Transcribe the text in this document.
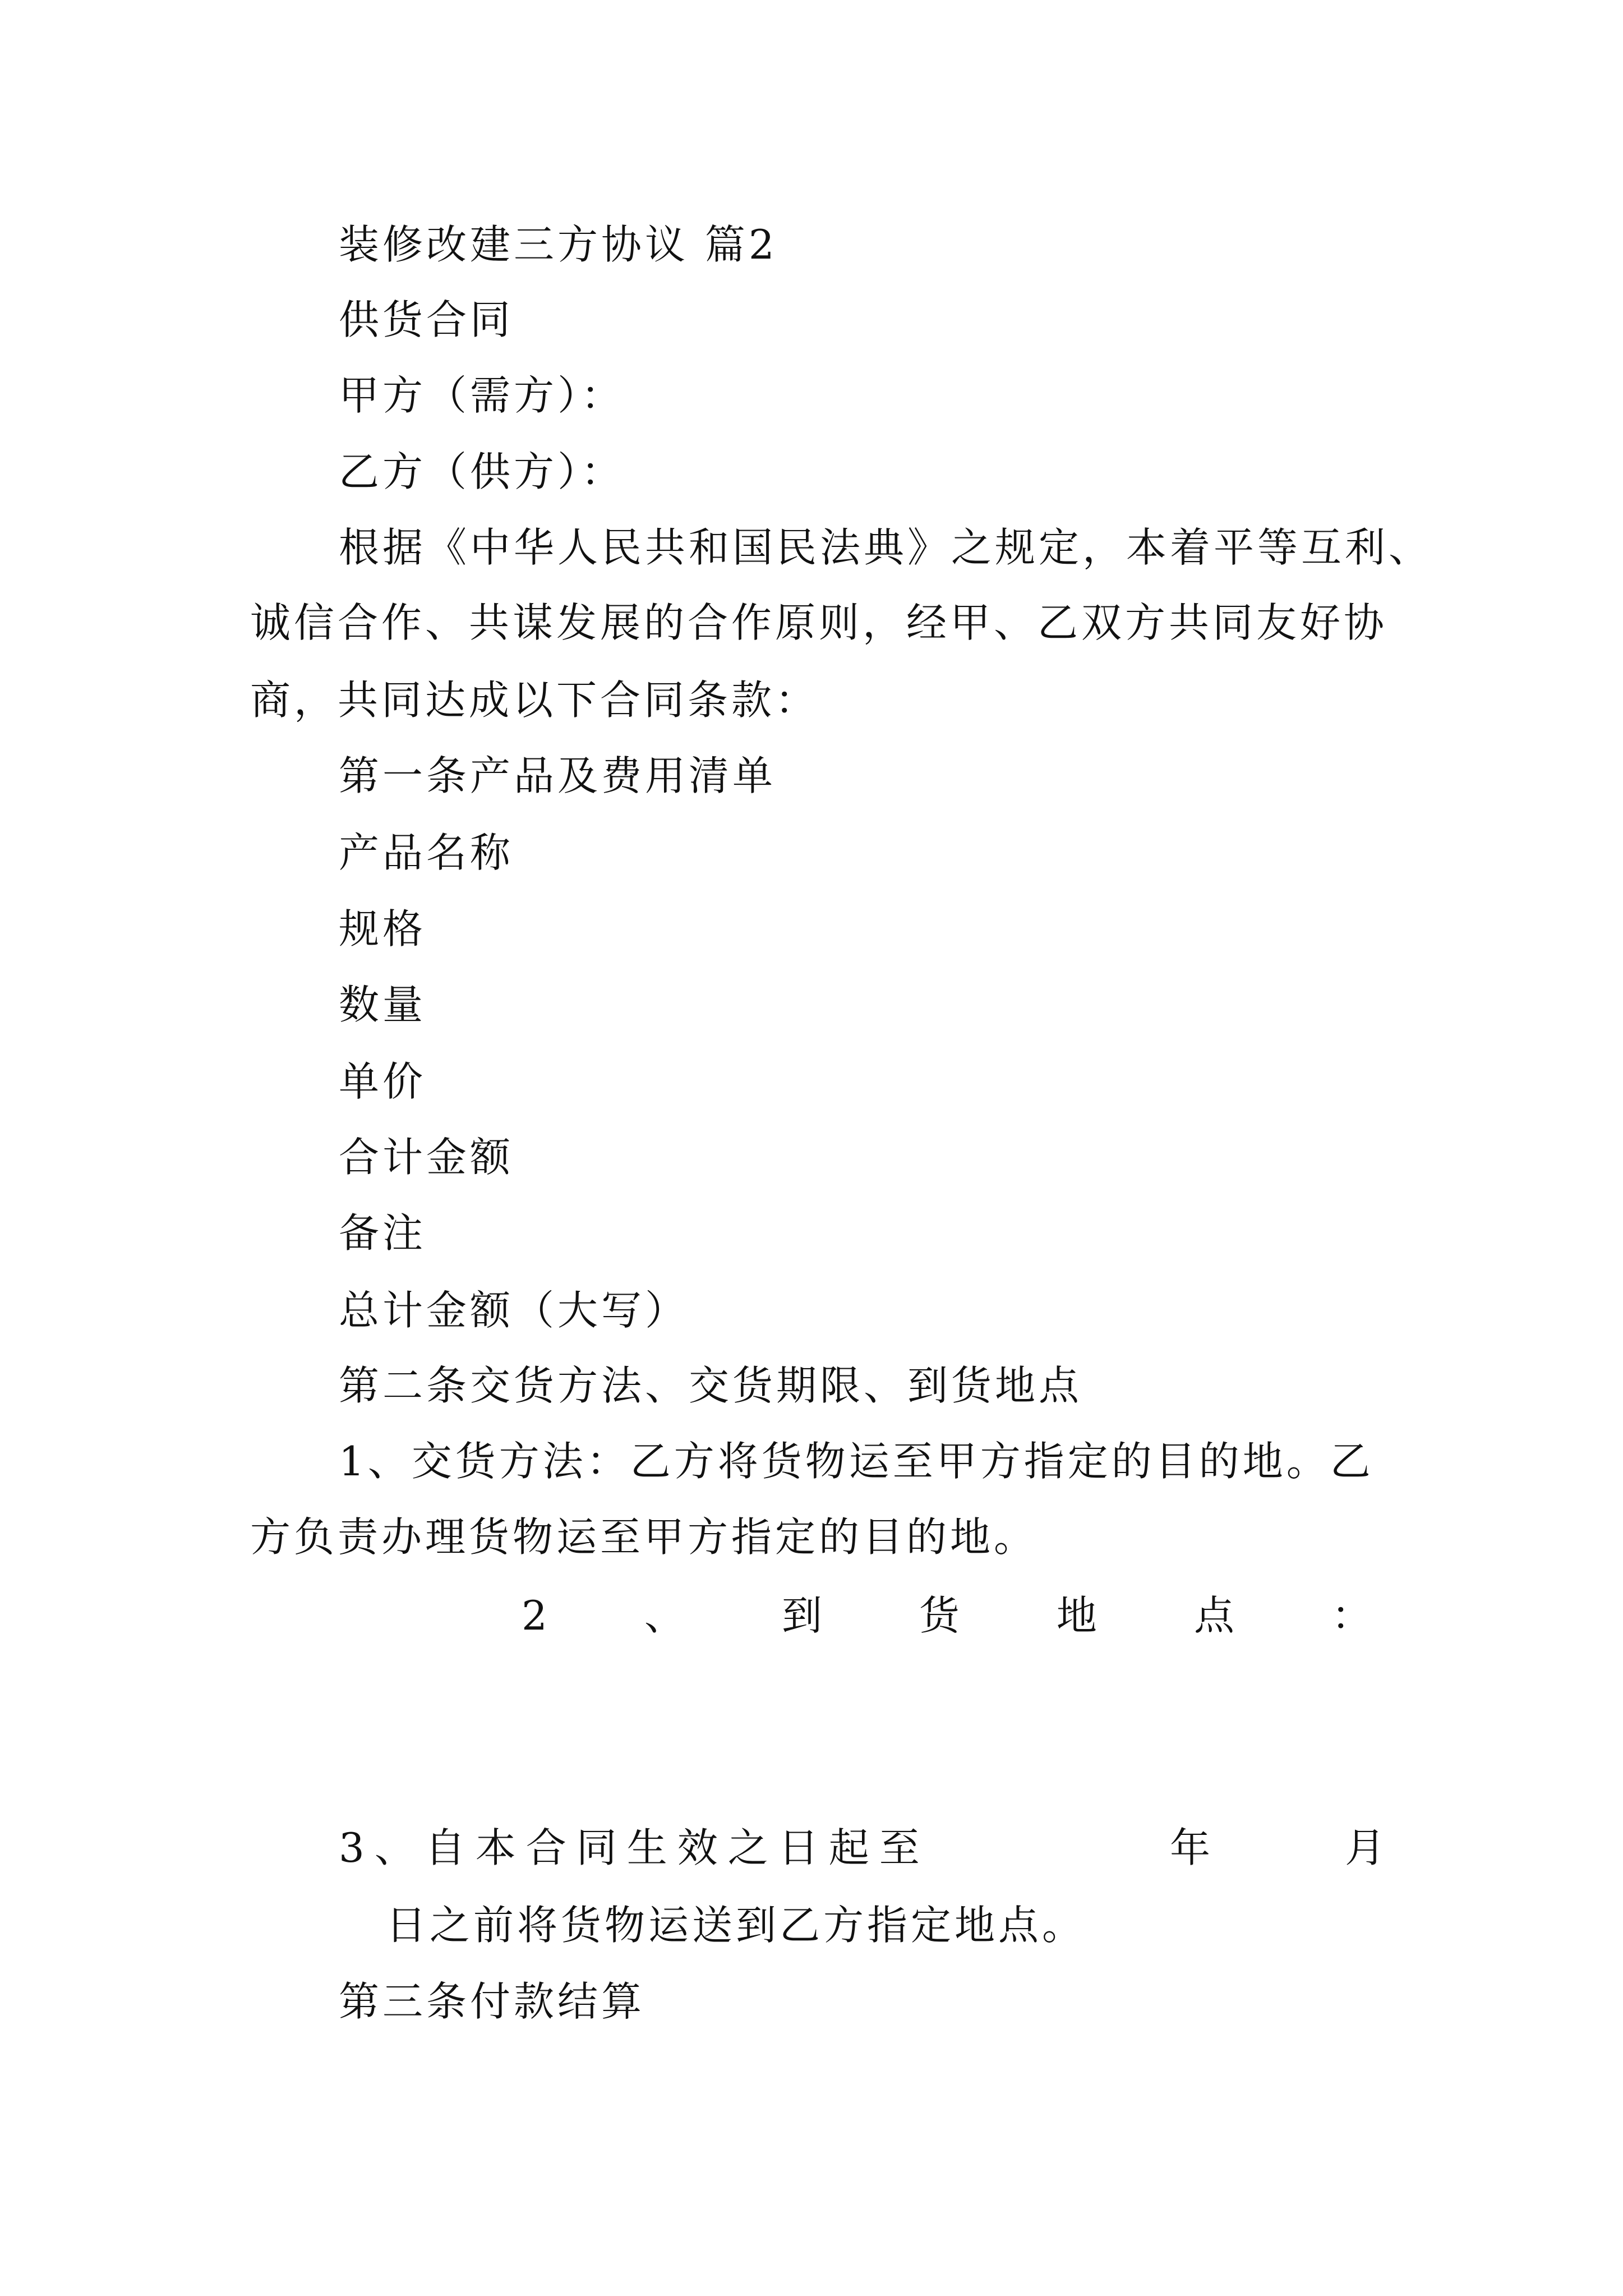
装修改建三方协议 篇2

供货合同

甲方（需方）：

乙方（供方）：

根据《中华人民共和国民法典》之规定，本着平等互利、

诚信合作、共谋发展的合作原则，经甲、乙双方共同友好协

商，共同达成以下合同条款：

第一条产品及费用清单

产品名称

规格

数量

单价

合计金额

备注

总计金额（大写）

第二条交货方法、交货期限、到货地点

1、交货方法：乙方将货物运至甲方指定的目的地。乙

方负责办理货物运至甲方指定的目的地。

2 、 到 货 地 点 ：

3、自本合同生效之日起至	年	月

日之前将货物运送到乙方指定地点。

第三条付款结算
